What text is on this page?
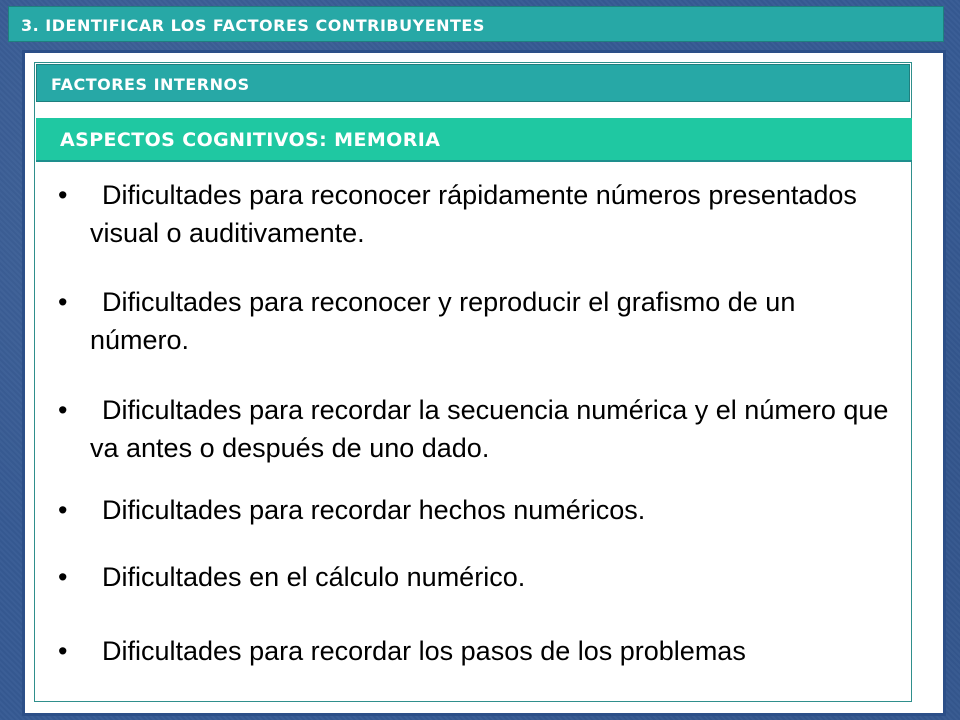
3. IDENTIFICAR LOS FACTORES CONTRIBUYENTES
FACTORES INTERNOS
ASPECTOS COGNITIVOS: MEMORIA
•	Dificultades para reconocer rápidamente números presentados visual o auditivamente.
•	Dificultades para reconocer y reproducir el grafismo de un número.
•	Dificultades para recordar la secuencia numérica y el número que va antes o después de uno dado.
•	Dificultades para recordar hechos numéricos.
•	Dificultades en el cálculo numérico.
•	Dificultades para recordar los pasos de los problemas
